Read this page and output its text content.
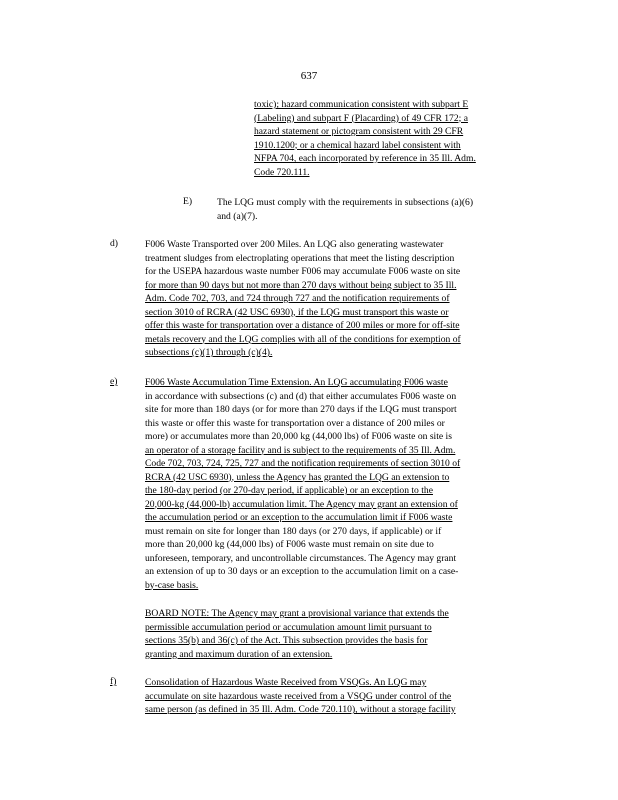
637
toxic); hazard communication consistent with subpart E
(Labeling) and subpart F (Placarding) of 49 CFR 172; a
hazard statement or pictogram consistent with 29 CFR
1910.1200; or a chemical hazard label consistent with
NFPA 704, each incorporated by reference in 35 Ill. Adm.
Code 720.111.
E)	The LQG must comply with the requirements in subsections (a)(6)
and (a)(7).
d)	F006 Waste Transported over 200 Miles. An LQG also generating wastewater
treatment sludges from electroplating operations that meet the listing description
for the USEPA hazardous waste number F006 may accumulate F006 waste on site
for more than 90 days but not more than 270 days without being subject to 35 Ill.
Adm. Code 702, 703, and 724 through 727 and the notification requirements of
section 3010 of RCRA (42 USC 6930), if the LQG must transport this waste or
offer this waste for transportation over a distance of 200 miles or more for off-site
metals recovery and the LQG complies with all of the conditions for exemption of
subsections (c)(1) through (c)(4).
e)	F006 Waste Accumulation Time Extension. An LQG accumulating F006 waste
in accordance with subsections (c) and (d) that either accumulates F006 waste on
site for more than 180 days (or for more than 270 days if the LQG must transport
this waste or offer this waste for transportation over a distance of 200 miles or
more) or accumulates more than 20,000 kg (44,000 lbs) of F006 waste on site is
an operator of a storage facility and is subject to the requirements of 35 Ill. Adm.
Code 702, 703, 724, 725, 727 and the notification requirements of section 3010 of
RCRA (42 USC 6930), unless the Agency has granted the LQG an extension to
the 180-day period (or 270-day period, if applicable) or an exception to the
20,000-kg (44,000-lb) accumulation limit. The Agency may grant an extension of
the accumulation period or an exception to the accumulation limit if F006 waste
must remain on site for longer than 180 days (or 270 days, if applicable) or if
more than 20,000 kg (44,000 lbs) of F006 waste must remain on site due to
unforeseen, temporary, and uncontrollable circumstances. The Agency may grant
an extension of up to 30 days or an exception to the accumulation limit on a case-
by-case basis.
BOARD NOTE: The Agency may grant a provisional variance that extends the
permissible accumulation period or accumulation amount limit pursuant to
sections 35(b) and 36(c) of the Act. This subsection provides the basis for
granting and maximum duration of an extension.
f)	Consolidation of Hazardous Waste Received from VSQGs. An LQG may
accumulate on site hazardous waste received from a VSQG under control of the
same person (as defined in 35 Ill. Adm. Code 720.110), without a storage facility
